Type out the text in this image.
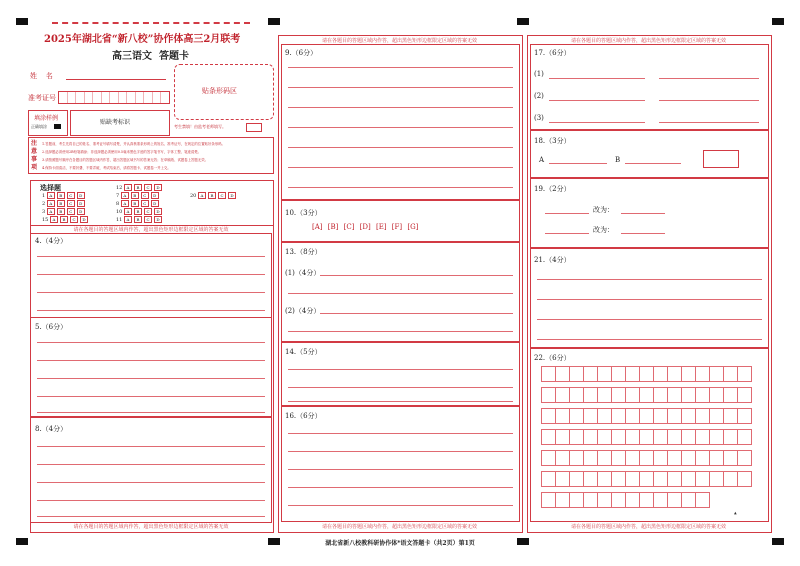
2025年湖北省“新八校”协作体高三2月联考
高三语文  答题卡
姓    名
准考证号
贴条形码区
填涂样例
正确填涂
贴缺考标识
考生禁填！由监考老师填写。
注意事项
1.答题前，考生先将自己的姓名、准考证号填写清楚，并认真核准条形码上的姓名、准考证号，在规定的位置贴好条形码。
2.选择题必须使用2B铅笔填涂；非选择题必须使用0.5毫米黑色字迹的签字笔书写，字体工整、笔迹清楚。
3.请按照题号顺序在各题目的答题区域内作答，超出答题区域书写的答案无效；在草稿纸、试题卷上答题无效。
4.保持卡面清洁，不要折叠、不要弄破，考试结束后，请将答题卡、试题卷一并上交。
选择题
1 A B C D
2 A B C D
3 A B C D
7 A B C D
8 A B C D
10 A B C D
11 A B C D
12 A B C D
15 A B C D
20 A B C D
请在各题目的答题区域内作答，超出黑色矩形边框限定区域的答案无效
4.（4分）
5.（6分）
8.（4分）
请在各题目的答题区域内作答，超出黑色矩形边框限定区域的答案无效
请在各题目的答题区域内作答，超出黑色矩形边框限定区域的答案无效
9.（6分）
10.（3分）
[A] [B] [C] [D] [E] [F] [G]
13.（8分）
(1)（4分）
(2)（4分）
14.（5分）
16.（6分）
请在各题目的答题区域内作答，超出黑色矩形边框限定区域的答案无效
请在各题目的答题区域内作答，超出黑色矩形边框限定区域的答案无效
17.（6分）
(1)
(2)
(3)
18.（3分）
A	B
19.（2分）
改为：
改为：
21.（4分）
22.（6分）
▲
请在各题目的答题区域内作答，超出黑色矩形边框限定区域的答案无效
湖北省新八校教科研协作体*语文答题卡（共2页）第1页
